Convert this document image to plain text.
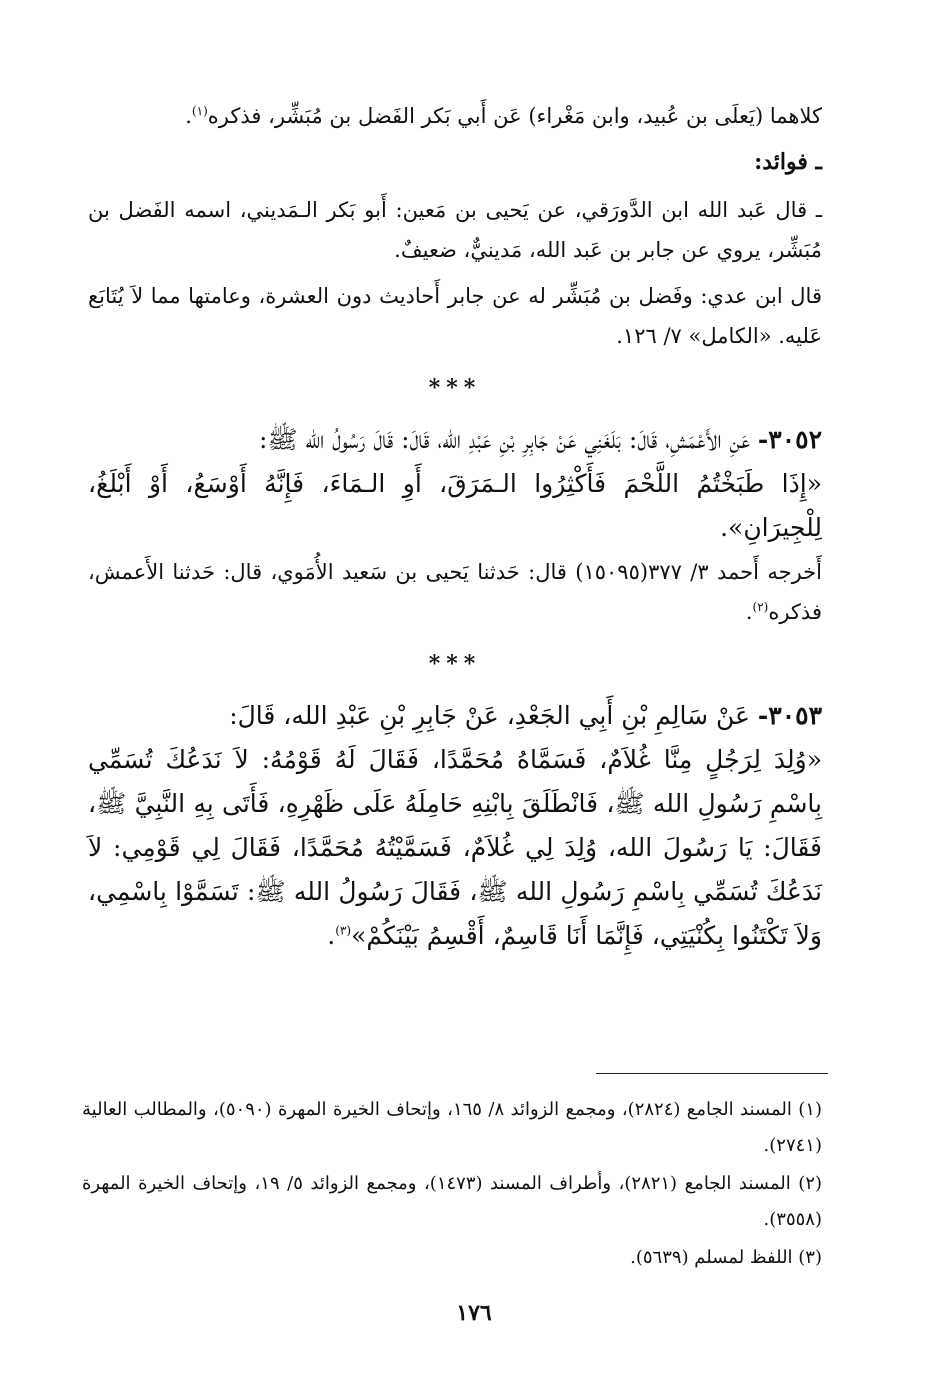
كلاهما (يَعلَى بن عُبيد، وابن مَغْراء) عَن أَبي بَكر الفَضل بن مُبَشِّر، فذكره$^{(١)}$.

ـ فوائد:

ـ قال عَبد الله ابن الدَّورَقي، عن يَحيى بن مَعين: أَبو بَكر الـمَديني، اسمه الفَضل بن مُبَشِّر، يروي عن جابر بن عَبد الله، مَدينيٌّ، ضعيفٌ.

قال ابن عدي: وفَضل بن مُبَشِّر له عن جابر أَحاديث دون العشرة، وعامتها مما لاَ يُتَابَع عَليه. «الكامل» ٧/ ١٢٦.

***

٣٠٥٢- عَنِ الأَعْمَشِ، قَالَ: بَلَغَنِي عَنْ جَابِرِ بْنِ عَبْدِ الله، قَالَ: قَالَ رَسُولُ الله ﷺ:

«إِذَا طَبَخْتُمُ اللَّحْمَ فَأَكْثِرُوا الـمَرَقَ، أَوِ الـمَاءَ، فَإِنَّهُ أَوْسَعُ، أَوْ أَبْلَغُ، لِلْجِيرَانِ».

أَخرجه أَحمد ٣/ ٣٧٧(١٥٠٩٥) قال: حَدثنا يَحيى بن سَعيد الأُمَوي، قال: حَدثنا الأَعمش، فذكره$^{(٢)}$.

***

٣٠٥٣- عَنْ سَالِمِ بْنِ أَبِي الجَعْدِ، عَنْ جَابِرِ بْنِ عَبْدِ الله، قَالَ:

«وُلِدَ لِرَجُلٍ مِنَّا غُلاَمٌ، فَسَمَّاهُ مُحَمَّدًا، فَقَالَ لَهُ قَوْمُهُ: لاَ نَدَعُكَ تُسَمِّي بِاسْمِ رَسُولِ الله ﷺ، فَانْطَلَقَ بِابْنِهِ حَامِلَهُ عَلَى ظَهْرِهِ، فَأَتَى بِهِ النَّبِيَّ ﷺ، فَقَالَ: يَا رَسُولَ الله، وُلِدَ لِي غُلاَمٌ، فَسَمَّيْتُهُ مُحَمَّدًا، فَقَالَ لِي قَوْمِي: لاَ نَدَعُكَ تُسَمِّي بِاسْمِ رَسُولِ الله ﷺ، فَقَالَ رَسُولُ الله ﷺ: تَسَمَّوْا بِاسْمِي، وَلاَ تَكْتَنُوا بِكُنْيَتِي، فَإِنَّمَا أَنَا قَاسِمٌ، أَقْسِمُ بَيْنَكُمْ»$^{(٣)}$.

(١) المسند الجامع (٢٨٢٤)، ومجمع الزوائد ٨/ ١٦٥، وإتحاف الخيرة المهرة (٥٠٩٠)، والمطالب العالية (٢٧٤١).

(٢) المسند الجامع (٢٨٢١)، وأطراف المسند (١٤٧٣)، ومجمع الزوائد ٥/ ١٩، وإتحاف الخيرة المهرة (٣٥٥٨).

(٣) اللفظ لمسلم (٥٦٣٩).

١٧٦
